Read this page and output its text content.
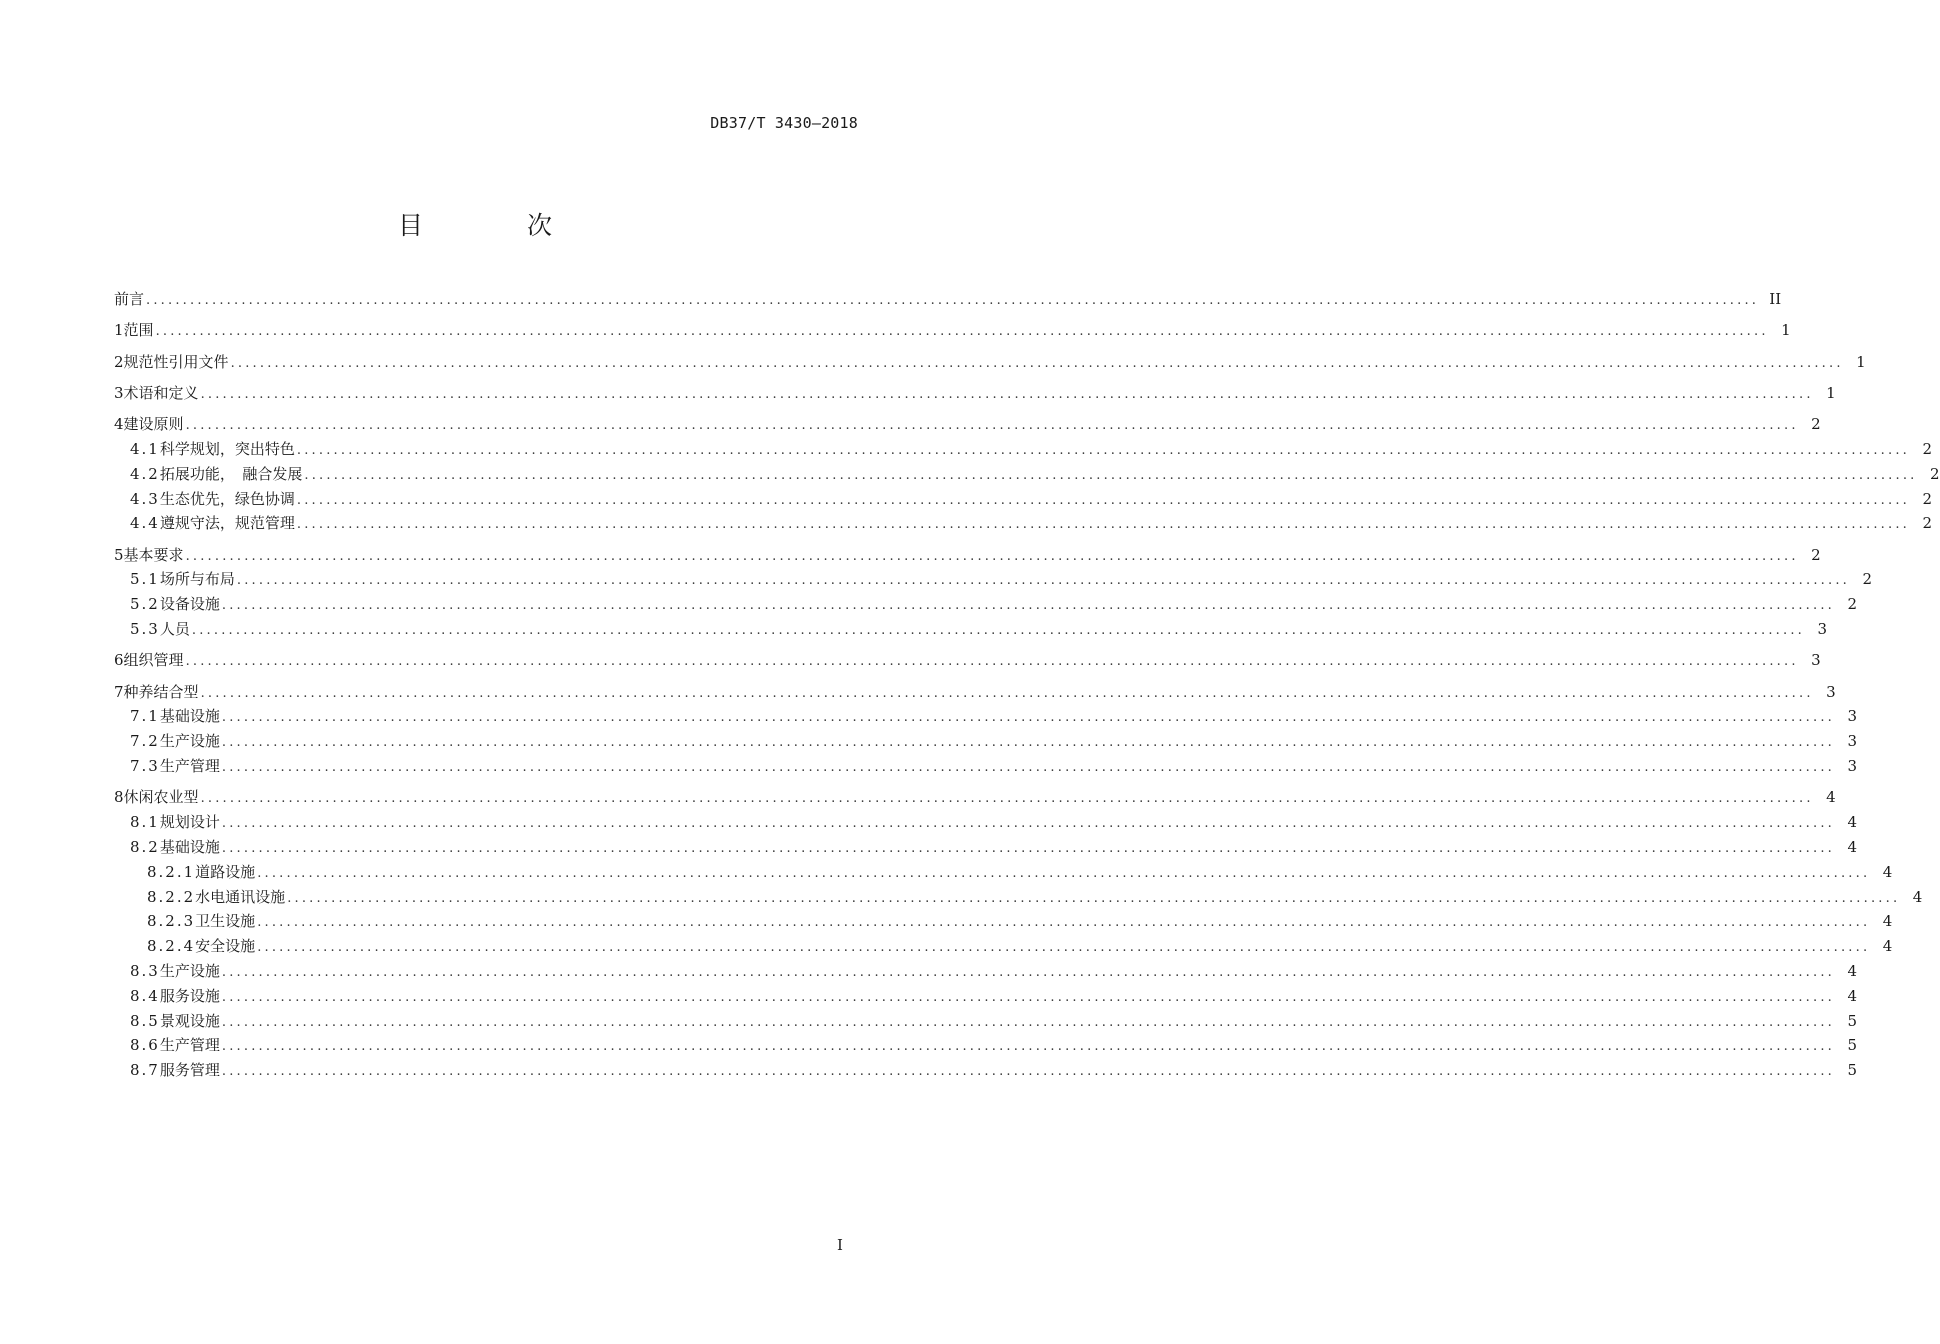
DB37/T 3430—2018
目 次
前言 ............................................................................................................................................................................................................................ II
1 范围 ............................................................................................................................................................................................................................ 1
2 规范性引用文件 ............................................................................................................................................................................................................................ 1
3 术语和定义 ............................................................................................................................................................................................................................ 1
4 建设原则 ............................................................................................................................................................................................................................ 2
4.1 科学规划，突出特色 ............................................................................................................................................................................................................................ 2
4.2 拓展功能，　融合发展 ............................................................................................................................................................................................................................ 2
4.3 生态优先，绿色协调 ............................................................................................................................................................................................................................ 2
4.4 遵规守法，规范管理 ............................................................................................................................................................................................................................ 2
5 基本要求 ............................................................................................................................................................................................................................ 2
5.1 场所与布局 ............................................................................................................................................................................................................................ 2
5.2 设备设施 ............................................................................................................................................................................................................................ 2
5.3 人员 ............................................................................................................................................................................................................................ 3
6 组织管理 ............................................................................................................................................................................................................................ 3
7 种养结合型 ............................................................................................................................................................................................................................ 3
7.1 基础设施 ............................................................................................................................................................................................................................ 3
7.2 生产设施 ............................................................................................................................................................................................................................ 3
7.3 生产管理 ............................................................................................................................................................................................................................ 3
8 休闲农业型 ............................................................................................................................................................................................................................ 4
8.1 规划设计 ............................................................................................................................................................................................................................ 4
8.2 基础设施 ............................................................................................................................................................................................................................ 4
8.2.1 道路设施 ............................................................................................................................................................................................................................ 4
8.2.2 水电通讯设施 ............................................................................................................................................................................................................................ 4
8.2.3 卫生设施 ............................................................................................................................................................................................................................ 4
8.2.4 安全设施 ............................................................................................................................................................................................................................ 4
8.3 生产设施 ............................................................................................................................................................................................................................ 4
8.4 服务设施 ............................................................................................................................................................................................................................ 4
8.5 景观设施 ............................................................................................................................................................................................................................ 5
8.6 生产管理 ............................................................................................................................................................................................................................ 5
8.7 服务管理 ............................................................................................................................................................................................................................ 5
I
